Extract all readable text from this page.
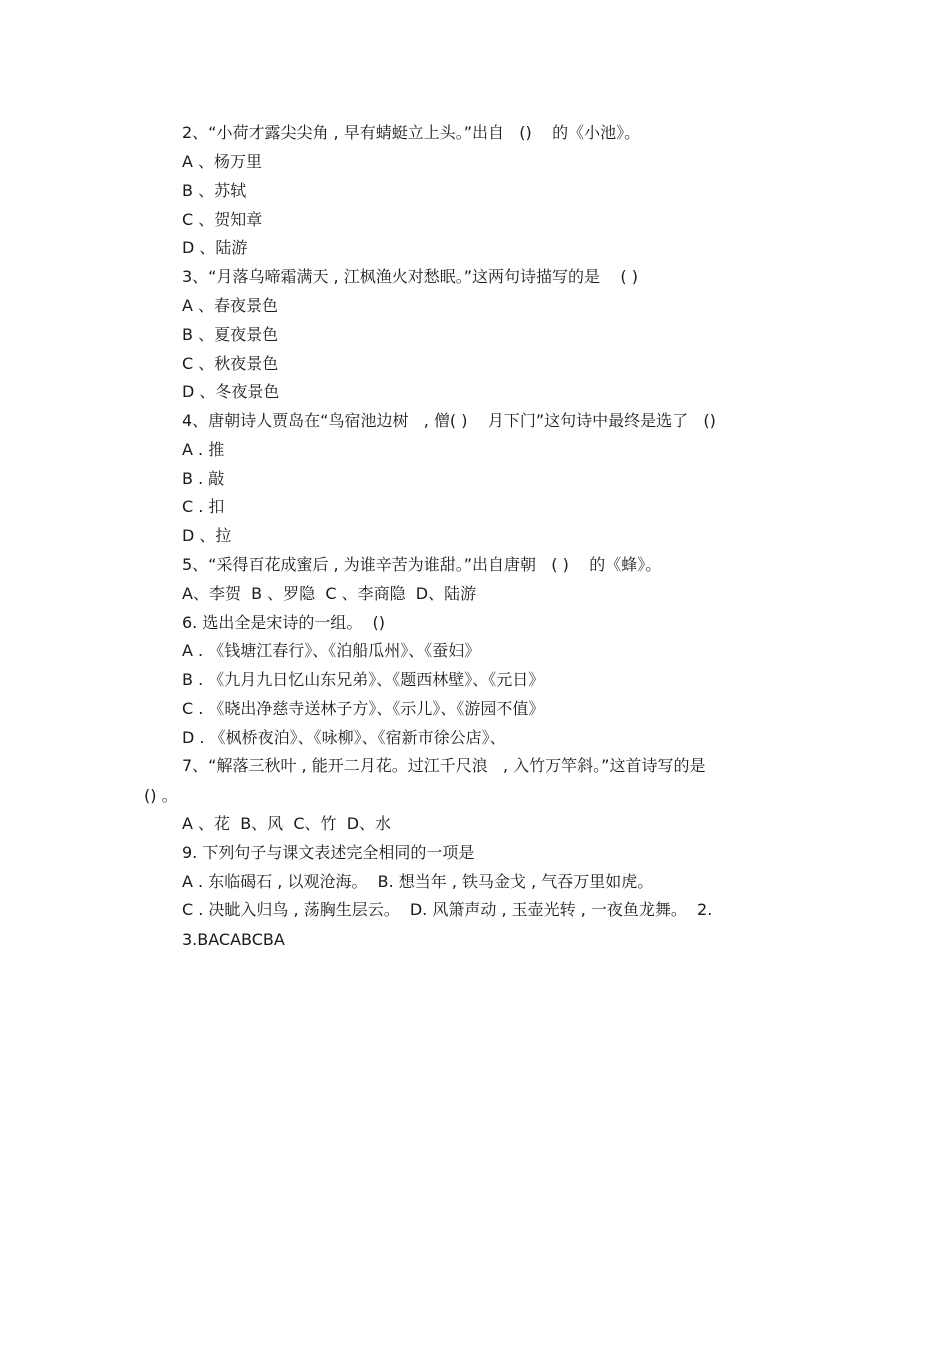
2、“小荷才露尖尖角 , 早有蜻蜓立上头。”出自   ()    的《小池》。
A 、杨万里
B 、苏轼
C 、贺知章
D 、陆游
3、“月落乌啼霜满天 , 江枫渔火对愁眠。”这两句诗描写的是    ( )
A 、春夜景色
B 、夏夜景色
C 、秋夜景色
D 、冬夜景色
4、唐朝诗人贾岛在“鸟宿池边树   , 僧( )    月下门”这句诗中最终是选了   ()
A . 推
B . 敲
C . 扣
D 、拉
5、“采得百花成蜜后 , 为谁辛苦为谁甜。”出自唐朝   ( )    的《蜂》。
A、李贺  B 、罗隐  C 、李商隐  D、陆游
6. 选出全是宋诗的一组。  ()
A . 《钱塘江春行》、《泊船瓜州》、《蚕妇》
B . 《九月九日忆山东兄弟》、《题西林壁》、《元日》
C . 《晓出净慈寺送林子方》、《示儿》、《游园不值》
D . 《枫桥夜泊》、《咏柳》、《宿新市徐公店》、
7、“解落三秋叶 , 能开二月花。过江千尺浪   , 入竹万竿斜。”这首诗写的是
() 。
A 、花  B、风  C、竹  D、水
9. 下列句子与课文表述完全相同的一项是
A . 东临碣石 , 以观沧海。  B. 想当年 , 铁马金戈 , 气吞万里如虎。
C . 决眦入归鸟 , 荡胸生层云。  D. 风箫声动 , 玉壶光转 , 一夜鱼龙舞。  2.
3.BACABCBA
